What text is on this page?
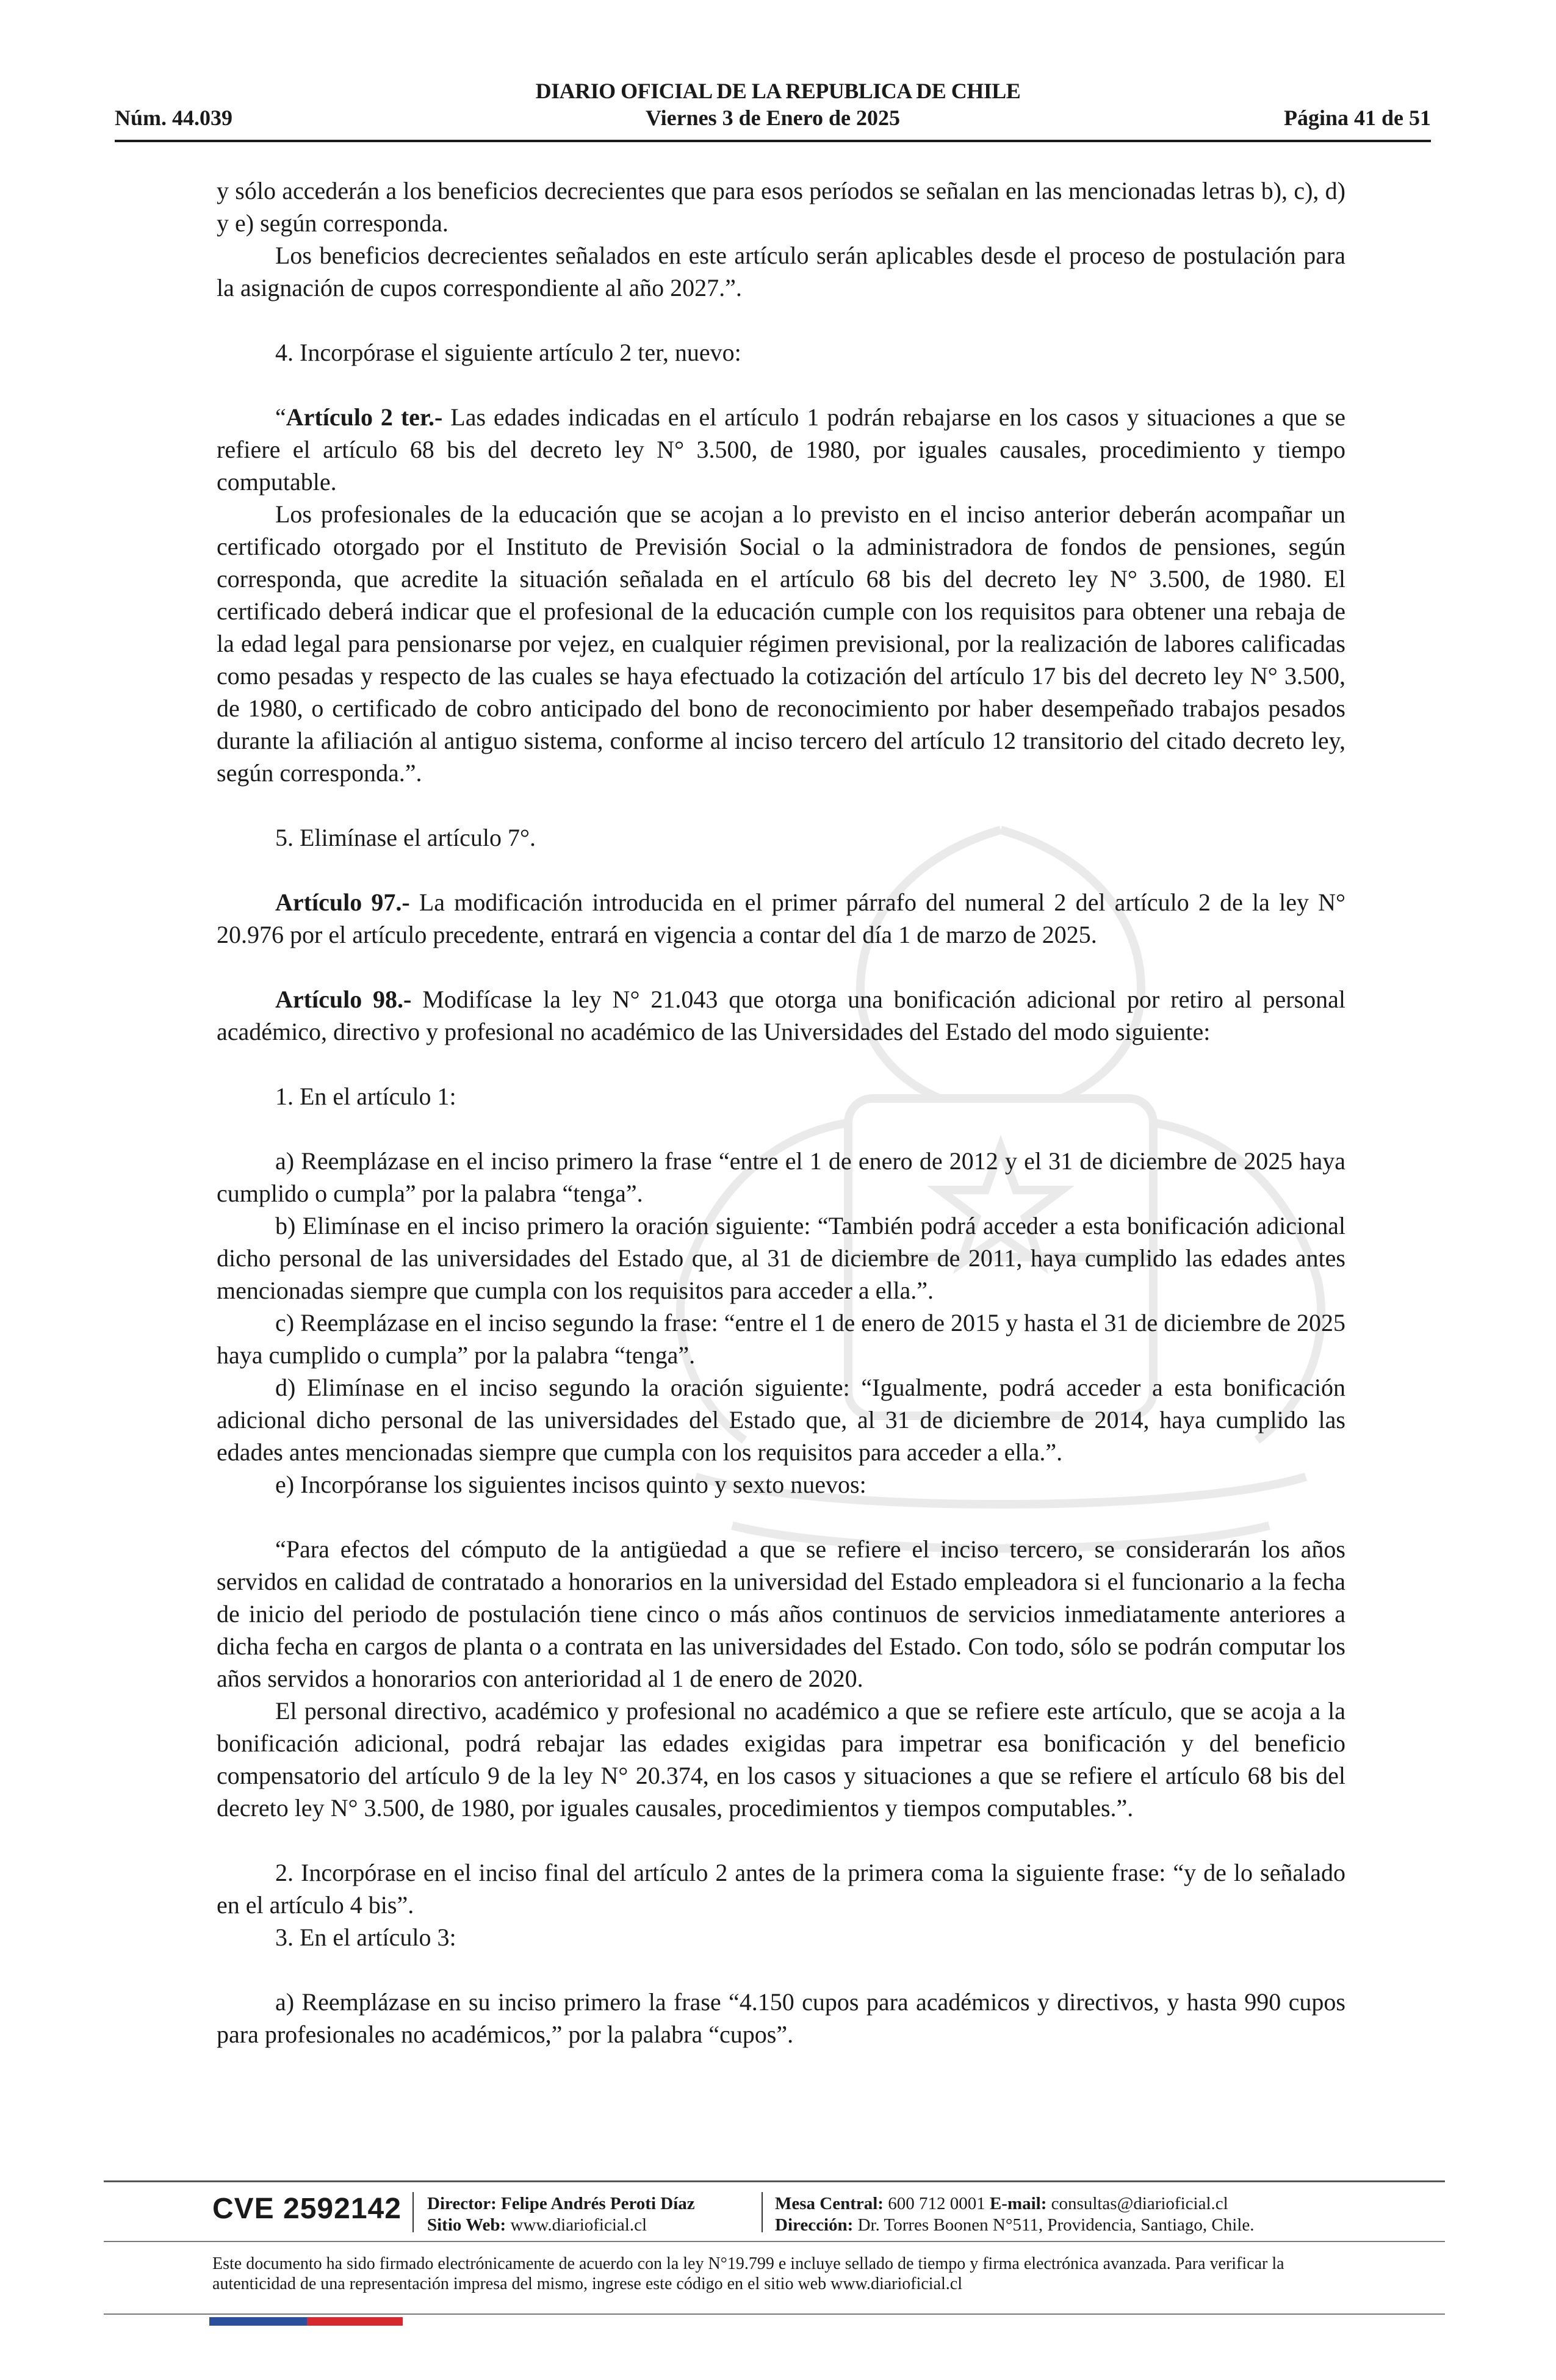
DIARIO OFICIAL DE LA REPUBLICA DE CHILE
Núm. 44.039	Viernes 3 de Enero de 2025	Página 41 de 51

y sólo accederán a los beneficios decrecientes que para esos períodos se señalan en las mencionadas letras b), c), d) y e) según corresponda.

Los beneficios decrecientes señalados en este artículo serán aplicables desde el proceso de postulación para la asignación de cupos correspondiente al año 2027.”.

4. Incorpórase el siguiente artículo 2 ter, nuevo:

“Artículo 2 ter.- Las edades indicadas en el artículo 1 podrán rebajarse en los casos y situaciones a que se refiere el artículo 68 bis del decreto ley N° 3.500, de 1980, por iguales causales, procedimiento y tiempo computable.

Los profesionales de la educación que se acojan a lo previsto en el inciso anterior deberán acompañar un certificado otorgado por el Instituto de Previsión Social o la administradora de fondos de pensiones, según corresponda, que acredite la situación señalada en el artículo 68 bis del decreto ley N° 3.500, de 1980. El certificado deberá indicar que el profesional de la educación cumple con los requisitos para obtener una rebaja de la edad legal para pensionarse por vejez, en cualquier régimen previsional, por la realización de labores calificadas como pesadas y respecto de las cuales se haya efectuado la cotización del artículo 17 bis del decreto ley N° 3.500, de 1980, o certificado de cobro anticipado del bono de reconocimiento por haber desempeñado trabajos pesados durante la afiliación al antiguo sistema, conforme al inciso tercero del artículo 12 transitorio del citado decreto ley, según corresponda.”.

5. Elimínase el artículo 7°.

Artículo 97.- La modificación introducida en el primer párrafo del numeral 2 del artículo 2 de la ley N° 20.976 por el artículo precedente, entrará en vigencia a contar del día 1 de marzo de 2025.

Artículo 98.- Modifícase la ley N° 21.043 que otorga una bonificación adicional por retiro al personal académico, directivo y profesional no académico de las Universidades del Estado del modo siguiente:

1. En el artículo 1:

a) Reemplázase en el inciso primero la frase “entre el 1 de enero de 2012 y el 31 de diciembre de 2025 haya cumplido o cumpla” por la palabra “tenga”.

b) Elimínase en el inciso primero la oración siguiente: “También podrá acceder a esta bonificación adicional dicho personal de las universidades del Estado que, al 31 de diciembre de 2011, haya cumplido las edades antes mencionadas siempre que cumpla con los requisitos para acceder a ella.”.

c) Reemplázase en el inciso segundo la frase: “entre el 1 de enero de 2015 y hasta el 31 de diciembre de 2025 haya cumplido o cumpla” por la palabra “tenga”.

d) Elimínase en el inciso segundo la oración siguiente: “Igualmente, podrá acceder a esta bonificación adicional dicho personal de las universidades del Estado que, al 31 de diciembre de 2014, haya cumplido las edades antes mencionadas siempre que cumpla con los requisitos para acceder a ella.”.

e) Incorpóranse los siguientes incisos quinto y sexto nuevos:

“Para efectos del cómputo de la antigüedad a que se refiere el inciso tercero, se considerarán los años servidos en calidad de contratado a honorarios en la universidad del Estado empleadora si el funcionario a la fecha de inicio del periodo de postulación tiene cinco o más años continuos de servicios inmediatamente anteriores a dicha fecha en cargos de planta o a contrata en las universidades del Estado. Con todo, sólo se podrán computar los años servidos a honorarios con anterioridad al 1 de enero de 2020.

El personal directivo, académico y profesional no académico a que se refiere este artículo, que se acoja a la bonificación adicional, podrá rebajar las edades exigidas para impetrar esa bonificación y del beneficio compensatorio del artículo 9 de la ley N° 20.374, en los casos y situaciones a que se refiere el artículo 68 bis del decreto ley N° 3.500, de 1980, por iguales causales, procedimientos y tiempos computables.”.

2. Incorpórase en el inciso final del artículo 2 antes de la primera coma la siguiente frase: “y de lo señalado en el artículo 4 bis”.

3. En el artículo 3:

a) Reemplázase en su inciso primero la frase “4.150 cupos para académicos y directivos, y hasta 990 cupos para profesionales no académicos,” por la palabra “cupos”.

CVE 2592142 Director: Felipe Andrés Peroti Díaz
Sitio Web: www.diarioficial.cl
Mesa Central: 600 712 0001 E-mail: consultas@diarioficial.cl
Dirección: Dr. Torres Boonen N°511, Providencia, Santiago, Chile.
Este documento ha sido firmado electrónicamente de acuerdo con la ley N°19.799 e incluye sellado de tiempo y firma electrónica avanzada. Para verificar la autenticidad de una representación impresa del mismo, ingrese este código en el sitio web www.diarioficial.cl
